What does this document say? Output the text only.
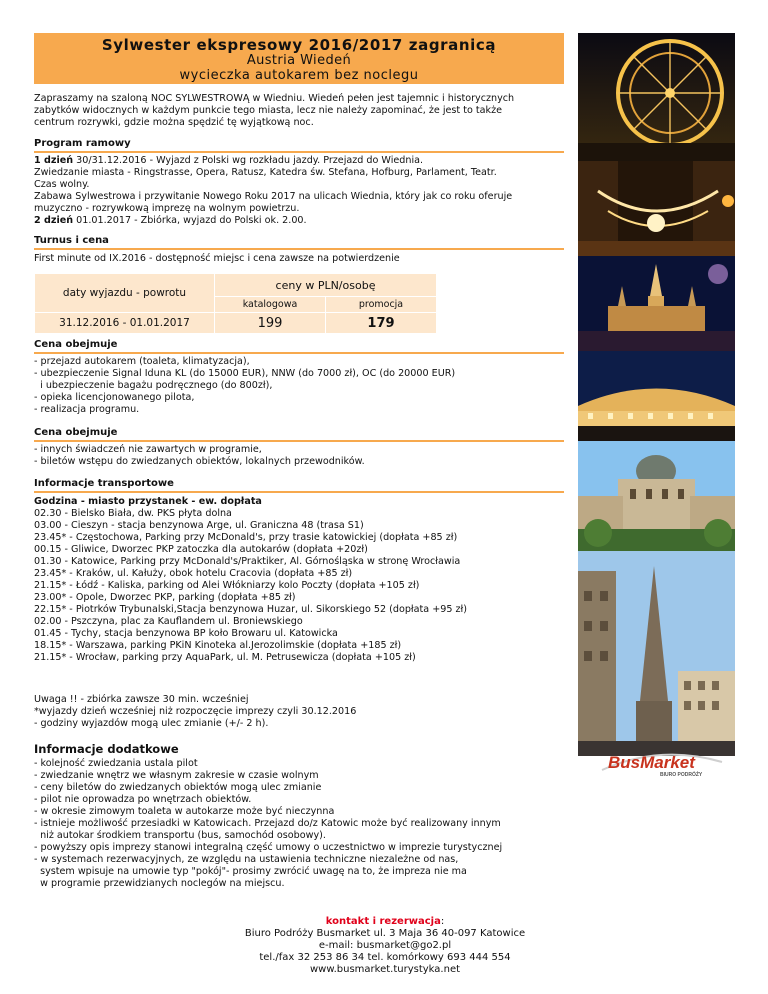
Sylwester ekspresowy 2016/2017 zagranicą
Austria Wiedeń
wycieczka autokarem bez noclegu

Zapraszamy na szaloną NOC SYLWESTROWĄ w Wiedniu. Wiedeń pełen jest tajemnic i historycznych
zabytków widocznych w każdym punkcie tego miasta, lecz nie należy zapominać, że jest to także
centrum rozrywki, gdzie można spędzić tę wyjątkową noc.

Program ramowy
1 dzień 30/31.12.2016 - Wyjazd z Polski wg rozkładu jazdy. Przejazd do Wiednia.
Zwiedzanie miasta - Ringstrasse, Opera, Ratusz, Katedra św. Stefana, Hofburg, Parlament, Teatr.
Czas wolny.
Zabawa Sylwestrowa i przywitanie Nowego Roku 2017 na ulicach Wiednia, który jak co roku oferuje
muzyczno - rozrywkową imprezę na wolnym powietrzu.
2 dzień 01.01.2017 - Zbiórka, wyjazd do Polski ok. 2.00.
Turnus i cena
First minute od IX.2016 - dostępność miejsc i cena zawsze na potwierdzenie
daty wyjazdu - powrotu	ceny w PLN/osobę	
	katalogowa	promocja
31.12.2016 - 01.01.2017	199	179
Cena obejmuje

- przejazd autokarem (toaleta, klimatyzacja),
- ubezpieczenie Signal Iduna KL (do 15000 EUR), NNW (do 7000 zł), OC (do 20000 EUR)
i ubezpieczenie bagażu podręcznego (do 800zł),
- opieka licencjonowanego pilota,
- realizacja programu.

Cena obejmuje

- innych świadczeń nie zawartych w programie,
- biletów wstępu do zwiedzanych obiektów, lokalnych przewodników.

Informacje transportowe
Godzina - miasto przystanek - ew. dopłata
02.30 - Bielsko Biała, dw. PKS płyta dolna
03.00 - Cieszyn - stacja benzynowa Arge, ul. Graniczna 48 (trasa S1)
23.45* - Częstochowa, Parking przy McDonald's, przy trasie katowickiej (dopłata +85 zł)
00.15 - Gliwice, Dworzec PKP zatoczka dla autokarów (dopłata +20zł)
01.30 - Katowice, Parking przy McDonald's/Praktiker, Al. Górnośląska w stronę Wrocławia
23.45* - Kraków, ul. Kałuży, obok hotelu Cracovia (dopłata +85 zł)
21.15* - Łódź - Kaliska, parking od Alei Włókniarzy kolo Poczty (dopłata +105 zł)
23.00* - Opole, Dworzec PKP, parking (dopłata +85 zł)
22.15* - Piotrków Trybunalski,Stacja benzynowa Huzar, ul. Sikorskiego 52 (dopłata +95 zł)
02.00 - Pszczyna, plac za Kauflandem ul. Broniewskiego
01.45 - Tychy, stacja benzynowa BP koło Browaru ul. Katowicka
18.15* - Warszawa, parking PKiN Kinoteka al.Jerozolimskie (dopłata +185 zł)
21.15* - Wrocław, parking przy AquaPark, ul. M. Petrusewicza (dopłata +105 zł)

Uwaga !! - zbiórka zawsze 30 min. wcześniej
*wyjazdy dzień wcześniej niż rozpoczęcie imprezy czyli 30.12.2016
- godziny wyjazdów mogą ulec zmianie (+/- 2 h).

Informacje dodatkowe

- kolejność zwiedzania ustala pilot
- zwiedzanie wnętrz we własnym zakresie w czasie wolnym
- ceny biletów do zwiedzanych obiektów mogą ulec zmianie
- pilot nie oprowadza po wnętrzach obiektów.
- w okresie zimowym toaleta w autokarze może być nieczynna
- istnieje możliwość przesiadki w Katowicach. Przejazd do/z Katowic może być realizowany innym
niż autokar środkiem transportu (bus, samochód osobowy).
- powyższy opis imprezy stanowi integralną część umowy o uczestnictwo w imprezie turystycznej
- w systemach rezerwacyjnych, ze względu na ustawienia techniczne niezależne od nas,
system wpisuje na umowie typ "pokój"- prosimy zwrócić uwagę na to, że impreza nie ma
w programie przewidzianych noclegów na miejscu.

BusMarket
BIURO PODRÓŻY
kontakt i rezerwacja:
Biuro Podróży Busmarket ul. 3 Maja 36 40-097 Katowice
e-mail: busmarket@go2.pl
tel./fax 32 253 86 34 tel. komórkowy 693 444 554
www.busmarket.turystyka.net
